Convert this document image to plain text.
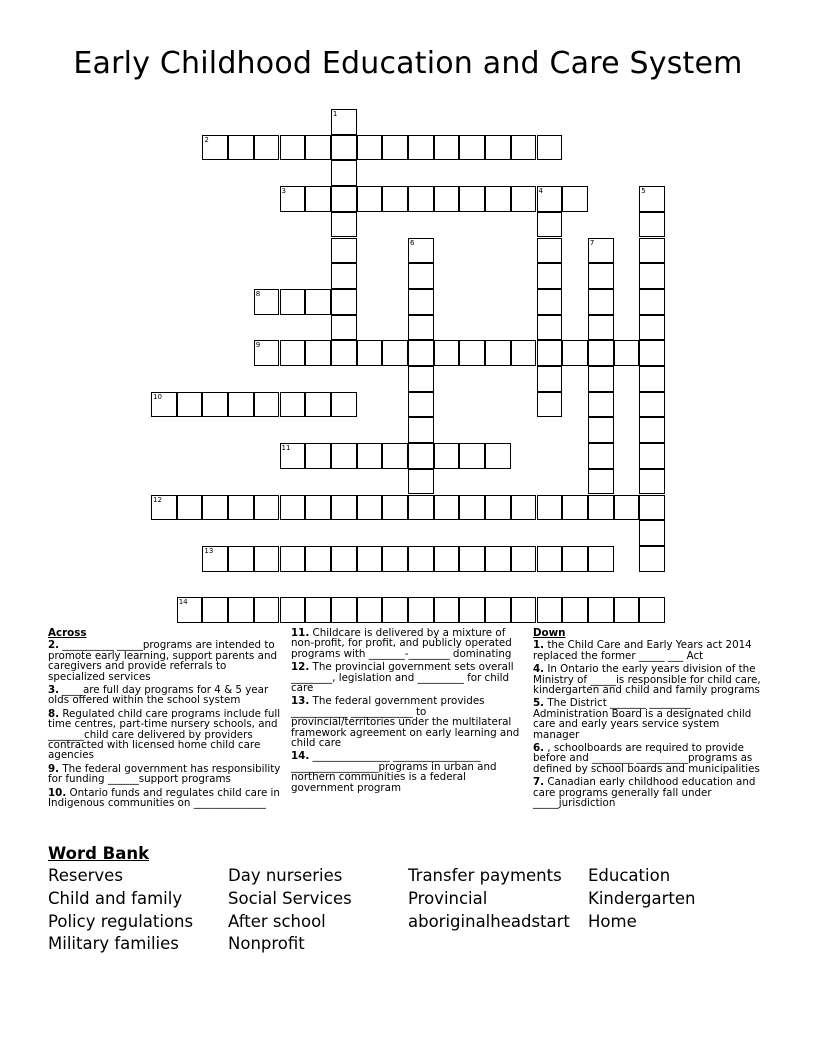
Early Childhood Education and Care System
1
2
3	4	5
6	7
8
9
10
11
12
13
14
Across
2. __________ _____programs are intended to promote early learning, support parents and caregivers and provide referrals to specialized services
3. ____are full day programs for 4 & 5 year olds offered within the school system
8. Regulated child care programs include full time centres, part-time nursery schools, and _______child care delivered by providers contracted with licensed home child care agencies
9. The federal government has responsibility for funding ______support programs
10. Ontario funds and regulates child care in Indigenous communities on ______________
11. Childcare is delivered by a mixture of non-profit, for profit, and publicly operated programs with _______-________ dominating
12. The provincial government sets overall ________, legislation and _________ for child care
13. The federal government provides ___________ ____________ to provincial/territories under the multilateral framework agreement on early learning and child care
14. _______________ _________________ _________________programs in urban and northern communities is a federal government program
Down
1. the Child Care and Early Years act 2014 replaced the former _____ ___ Act
4. In Ontario the early years division of the Ministry of _____is responsible for child care, kindergarten and child and family programs
5. The District _______ ________ Administration Board is a designated child care and early years service system manager
6. , schoolboards are required to provide before and ________ __________programs as defined by school boards and municipalities
7. Canadian early childhood education and care programs generally fall under _____jurisdiction
Word Bank
Reserves
Child and family
Policy regulations
Military families
Day nurseries
Social Services
After school
Nonprofit
Transfer payments
Provincial
aboriginalheadstart
Education
Kindergarten
Home
